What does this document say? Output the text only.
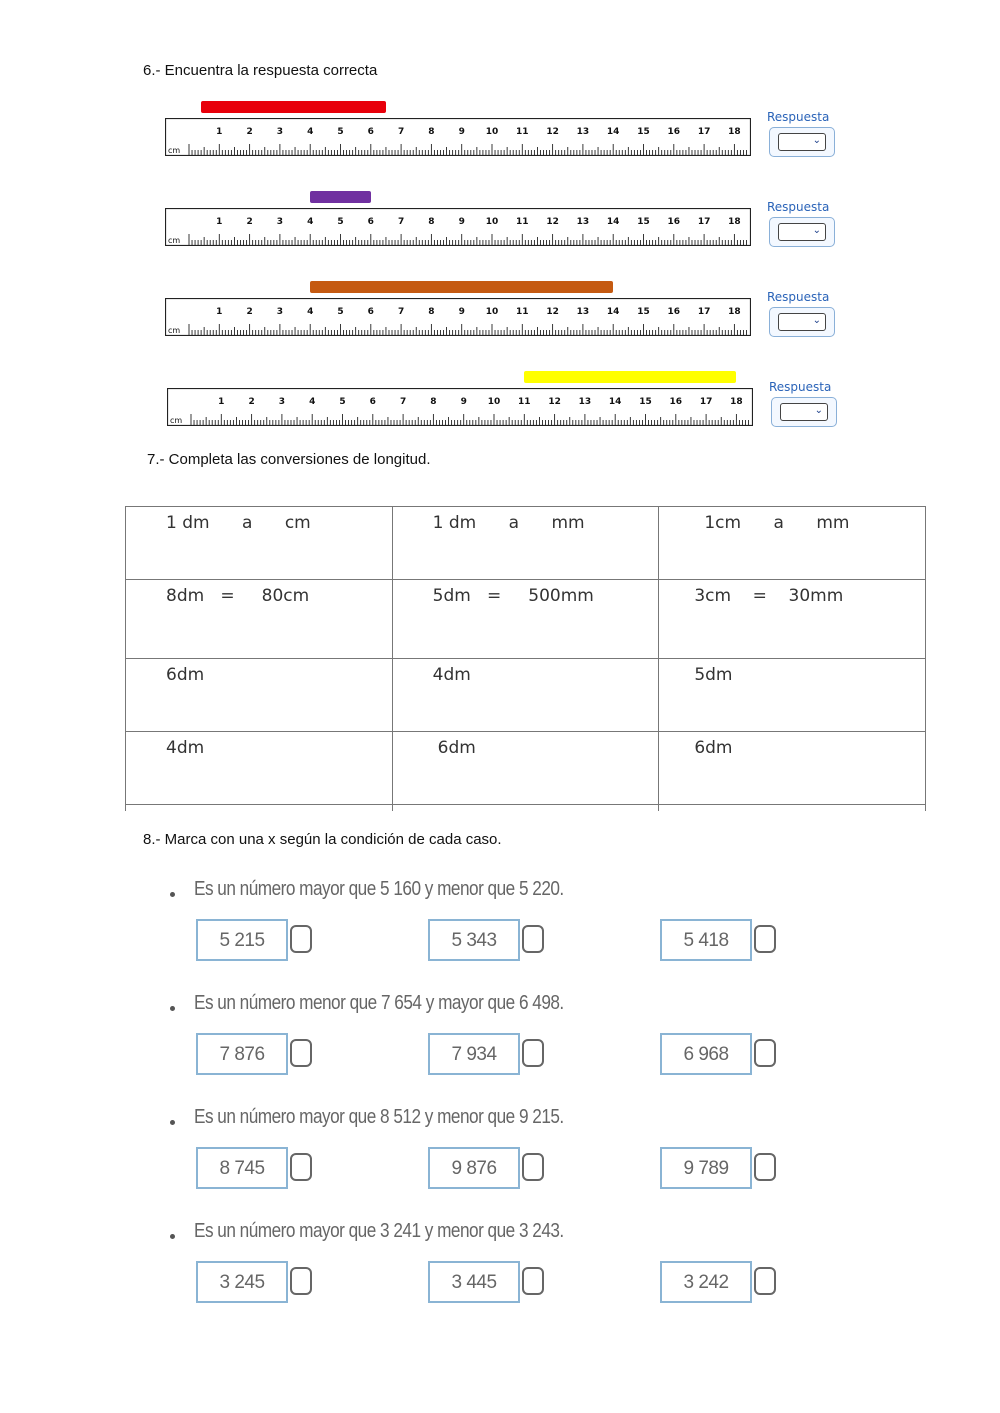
6.- Encuentra la respuesta correcta
cm
1	2	3	4	5	6	7	8	9 10 11 12 13 14 15 16 17 18
Respuesta
⌄
cm
1	2	3	4	5	6	7	8	9 10 11 12 13 14 15 16 17 18
Respuesta
⌄
cm
1	2	3	4	5	6	7	8	9 10 11 12 13 14 15 16 17 18
Respuesta
⌄
cm
1	2	3	4	5	6	7	8	9 10 11 12 13 14 15 16 17 18
Respuesta
⌄
7.- Completa las conversiones de longitud.
1 dm      a      cm	1 dm      a      mm	1cm      a      mm
8dm   =     80cm	5dm   =     500mm	3cm    =    30mm
6dm	4dm	5dm
4dm	6dm	6dm

8.- Marca con una x según la condición de cada caso.
Es un número mayor que 5 160 y menor que 5 220.
5 215	5 343	5 418
Es un número menor que 7 654 y mayor que 6 498.
7 876	7 934	6 968
Es un número mayor que 8 512 y menor que 9 215.
8 745	9 876	9 789
Es un número mayor que 3 241 y menor que 3 243.
3 245	3 445	3 242
